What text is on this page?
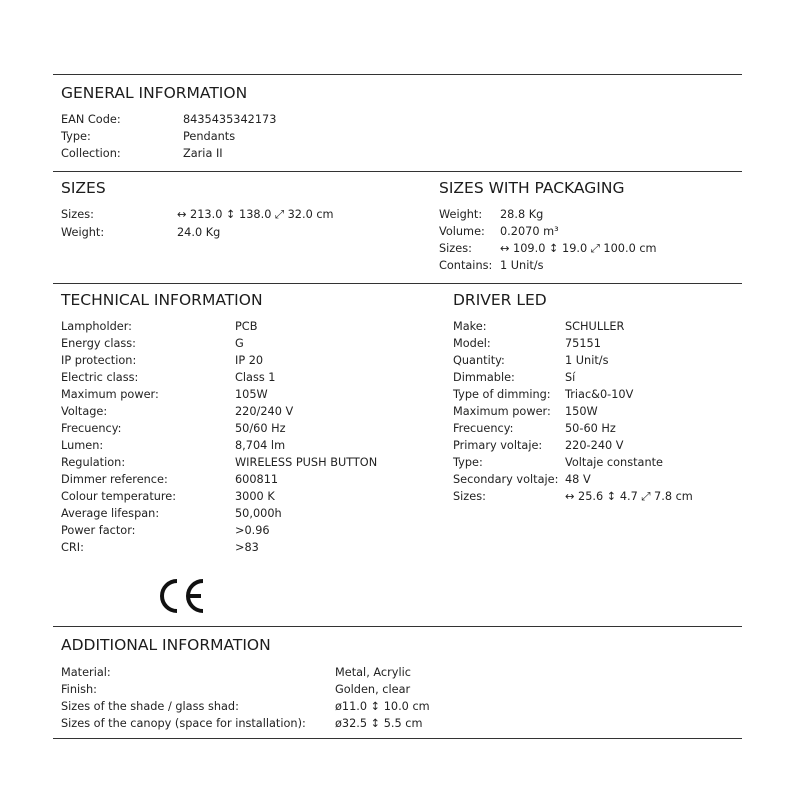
GENERAL INFORMATION
EAN Code:	8435435342173
Type:	Pendants
Collection:	Zaria II
SIZES
Sizes:	↔ 213.0 ↕ 138.0 ⤢ 32.0 cm
Weight:	24.0 Kg
SIZES WITH PACKAGING
Weight: 28.8 Kg
Volume: 0.2070 m³
Sizes: ↔ 109.0 ↕ 19.0 ⤢ 100.0 cm
Contains: 1 Unit/s
TECHNICAL INFORMATION
Lampholder:	PCB
Energy class:	G
IP protection:	IP 20
Electric class:	Class 1
Maximum power:	105W
Voltage:	220/240 V
Frecuency:	50/60 Hz
Lumen:	8,704 lm
Regulation:	WIRELESS PUSH BUTTON
Dimmer reference:	600811
Colour temperature:	3000 K
Average lifespan:	50,000h
Power factor:	>0.96
CRI:	>83
DRIVER LED
Make:	SCHULLER
Model:	75151
Quantity:	1 Unit/s
Dimmable:	Sí
Type of dimming: Triac&0-10V
Maximum power: 150W
Frecuency:	50-60 Hz
Primary voltaje: 220-240 V
Type:	Voltaje constante
Secondary voltaje: 48 V
Sizes:	↔ 25.6 ↕ 4.7 ⤢ 7.8 cm
ADDITIONAL INFORMATION
Material:	Metal, Acrylic
Finish:	Golden, clear
Sizes of the shade / glass shad:	ø11.0 ↕ 10.0 cm
Sizes of the canopy (space for installation):	ø32.5 ↕ 5.5 cm
